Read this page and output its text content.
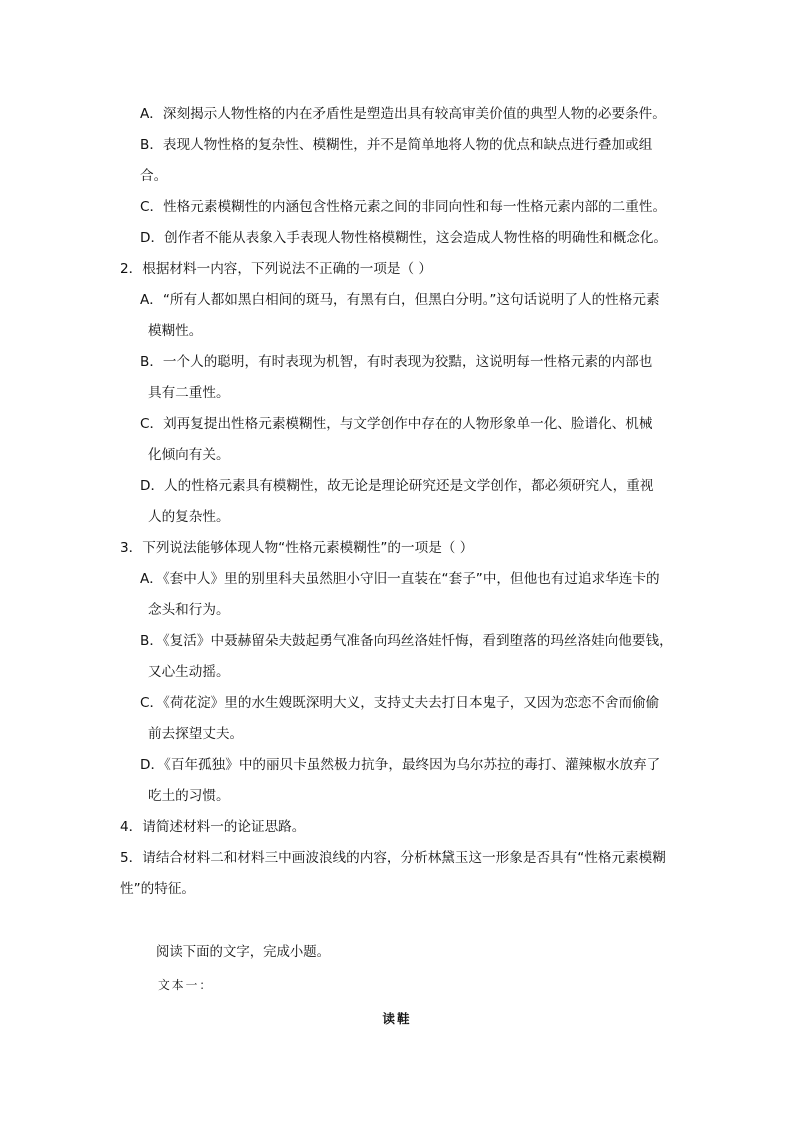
A．深刻揭示人物性格的内在矛盾性是塑造出具有较高审美价值的典型人物的必要条件。
B．表现人物性格的复杂性、模糊性，并不是简单地将人物的优点和缺点进行叠加或组
合。
C．性格元素模糊性的内涵包含性格元素之间的非同向性和每一性格元素内部的二重性。
D．创作者不能从表象入手表现人物性格模糊性，这会造成人物性格的明确性和概念化。
2．根据材料一内容，下列说法不正确的一项是（ ）
A．“所有人都如黑白相间的斑马，有黑有白，但黑白分明。”这句话说明了人的性格元素
模糊性。
B．一个人的聪明，有时表现为机智，有时表现为狡黠，这说明每一性格元素的内部也
具有二重性。
C．刘再复提出性格元素模糊性，与文学创作中存在的人物形象单一化、脸谱化、机械
化倾向有关。
D．人的性格元素具有模糊性，故无论是理论研究还是文学创作，都必须研究人，重视
人的复杂性。
3．下列说法能够体现人物“性格元素模糊性”的一项是（ ）
A．《套中人》里的别里科夫虽然胆小守旧一直装在“套子”中，但他也有过追求华连卡的
念头和行为。
B．《复活》中聂赫留朵夫鼓起勇气准备向玛丝洛娃忏悔，看到堕落的玛丝洛娃向他要钱，
又心生动摇。
C．《荷花淀》里的水生嫂既深明大义，支持丈夫去打日本鬼子，又因为恋恋不舍而偷偷
前去探望丈夫。
D．《百年孤独》中的丽贝卡虽然极力抗争，最终因为乌尔苏拉的毒打、灌辣椒水放弃了
吃土的习惯。
4．请简述材料一的论证思路。
5．请结合材料二和材料三中画波浪线的内容，分析林黛玉这一形象是否具有“性格元素模糊
性”的特征。
阅读下面的文字，完成小题。
文本一：
读鞋
